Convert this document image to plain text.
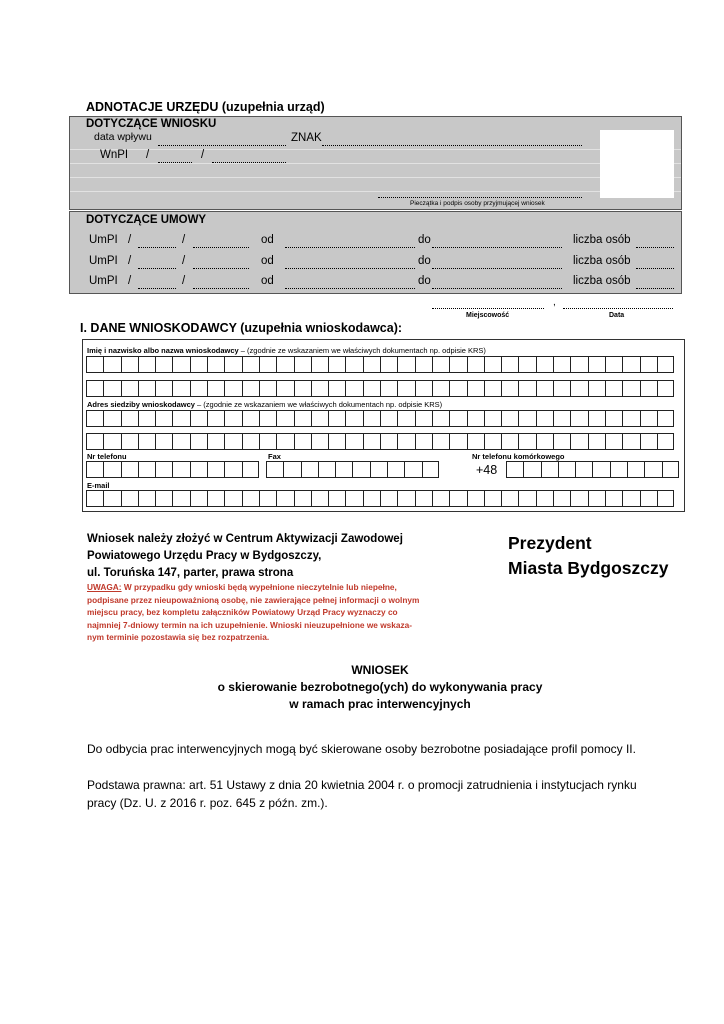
ADNOTACJE URZĘDU (uzupełnia urząd)
DOTYCZĄCE WNIOSKU
data wpływu	ZNAK
WnPI /	/
Pieczątka i podpis osoby przyjmującej wniosek
DOTYCZĄCE UMOWY
UmPI /	/	od	do	liczba osób
UmPI /	/	od	do	liczba osób
UmPI /	/	od	do	liczba osób
,
Miejscowość	Data
I. DANE WNIOSKODAWCY (uzupełnia wnioskodawca):
Imię i nazwisko albo nazwa wnioskodawcy – (zgodnie ze wskazaniem we właściwych dokumentach np. odpisie KRS)
Adres siedziby wnioskodawcy – (zgodnie ze wskazaniem we właściwych dokumentach np. odpisie KRS)
Nr telefonu	Fax	Nr telefonu komórkowego
+48
E-mail
Wniosek należy złożyć w Centrum Aktywizacji Zawodowej
Powiatowego Urzędu Pracy w Bydgoszczy,
ul. Toruńska 147, parter, prawa strona
UWAGA: W przypadku gdy wnioski będą wypełnione nieczytelnie lub niepełne,
podpisane przez nieupoważnioną osobę, nie zawierające pełnej informacji o wolnym
miejscu pracy, bez kompletu załączników Powiatowy Urząd Pracy wyznaczy co
najmniej 7-dniowy termin na ich uzupełnienie. Wnioski nieuzupełnione we wskaza-
nym terminie pozostawia się bez rozpatrzenia.
Prezydent
Miasta Bydgoszczy
WNIOSEK
o skierowanie bezrobotnego(ych) do wykonywania pracy
w ramach prac interwencyjnych
Do odbycia prac interwencyjnych mogą być skierowane osoby bezrobotne posiadające profil pomocy II.
Podstawa prawna: art. 51 Ustawy z dnia 20 kwietnia 2004 r. o promocji zatrudnienia i instytucjach rynku
pracy (Dz. U. z 2016 r. poz. 645 z późn. zm.).
